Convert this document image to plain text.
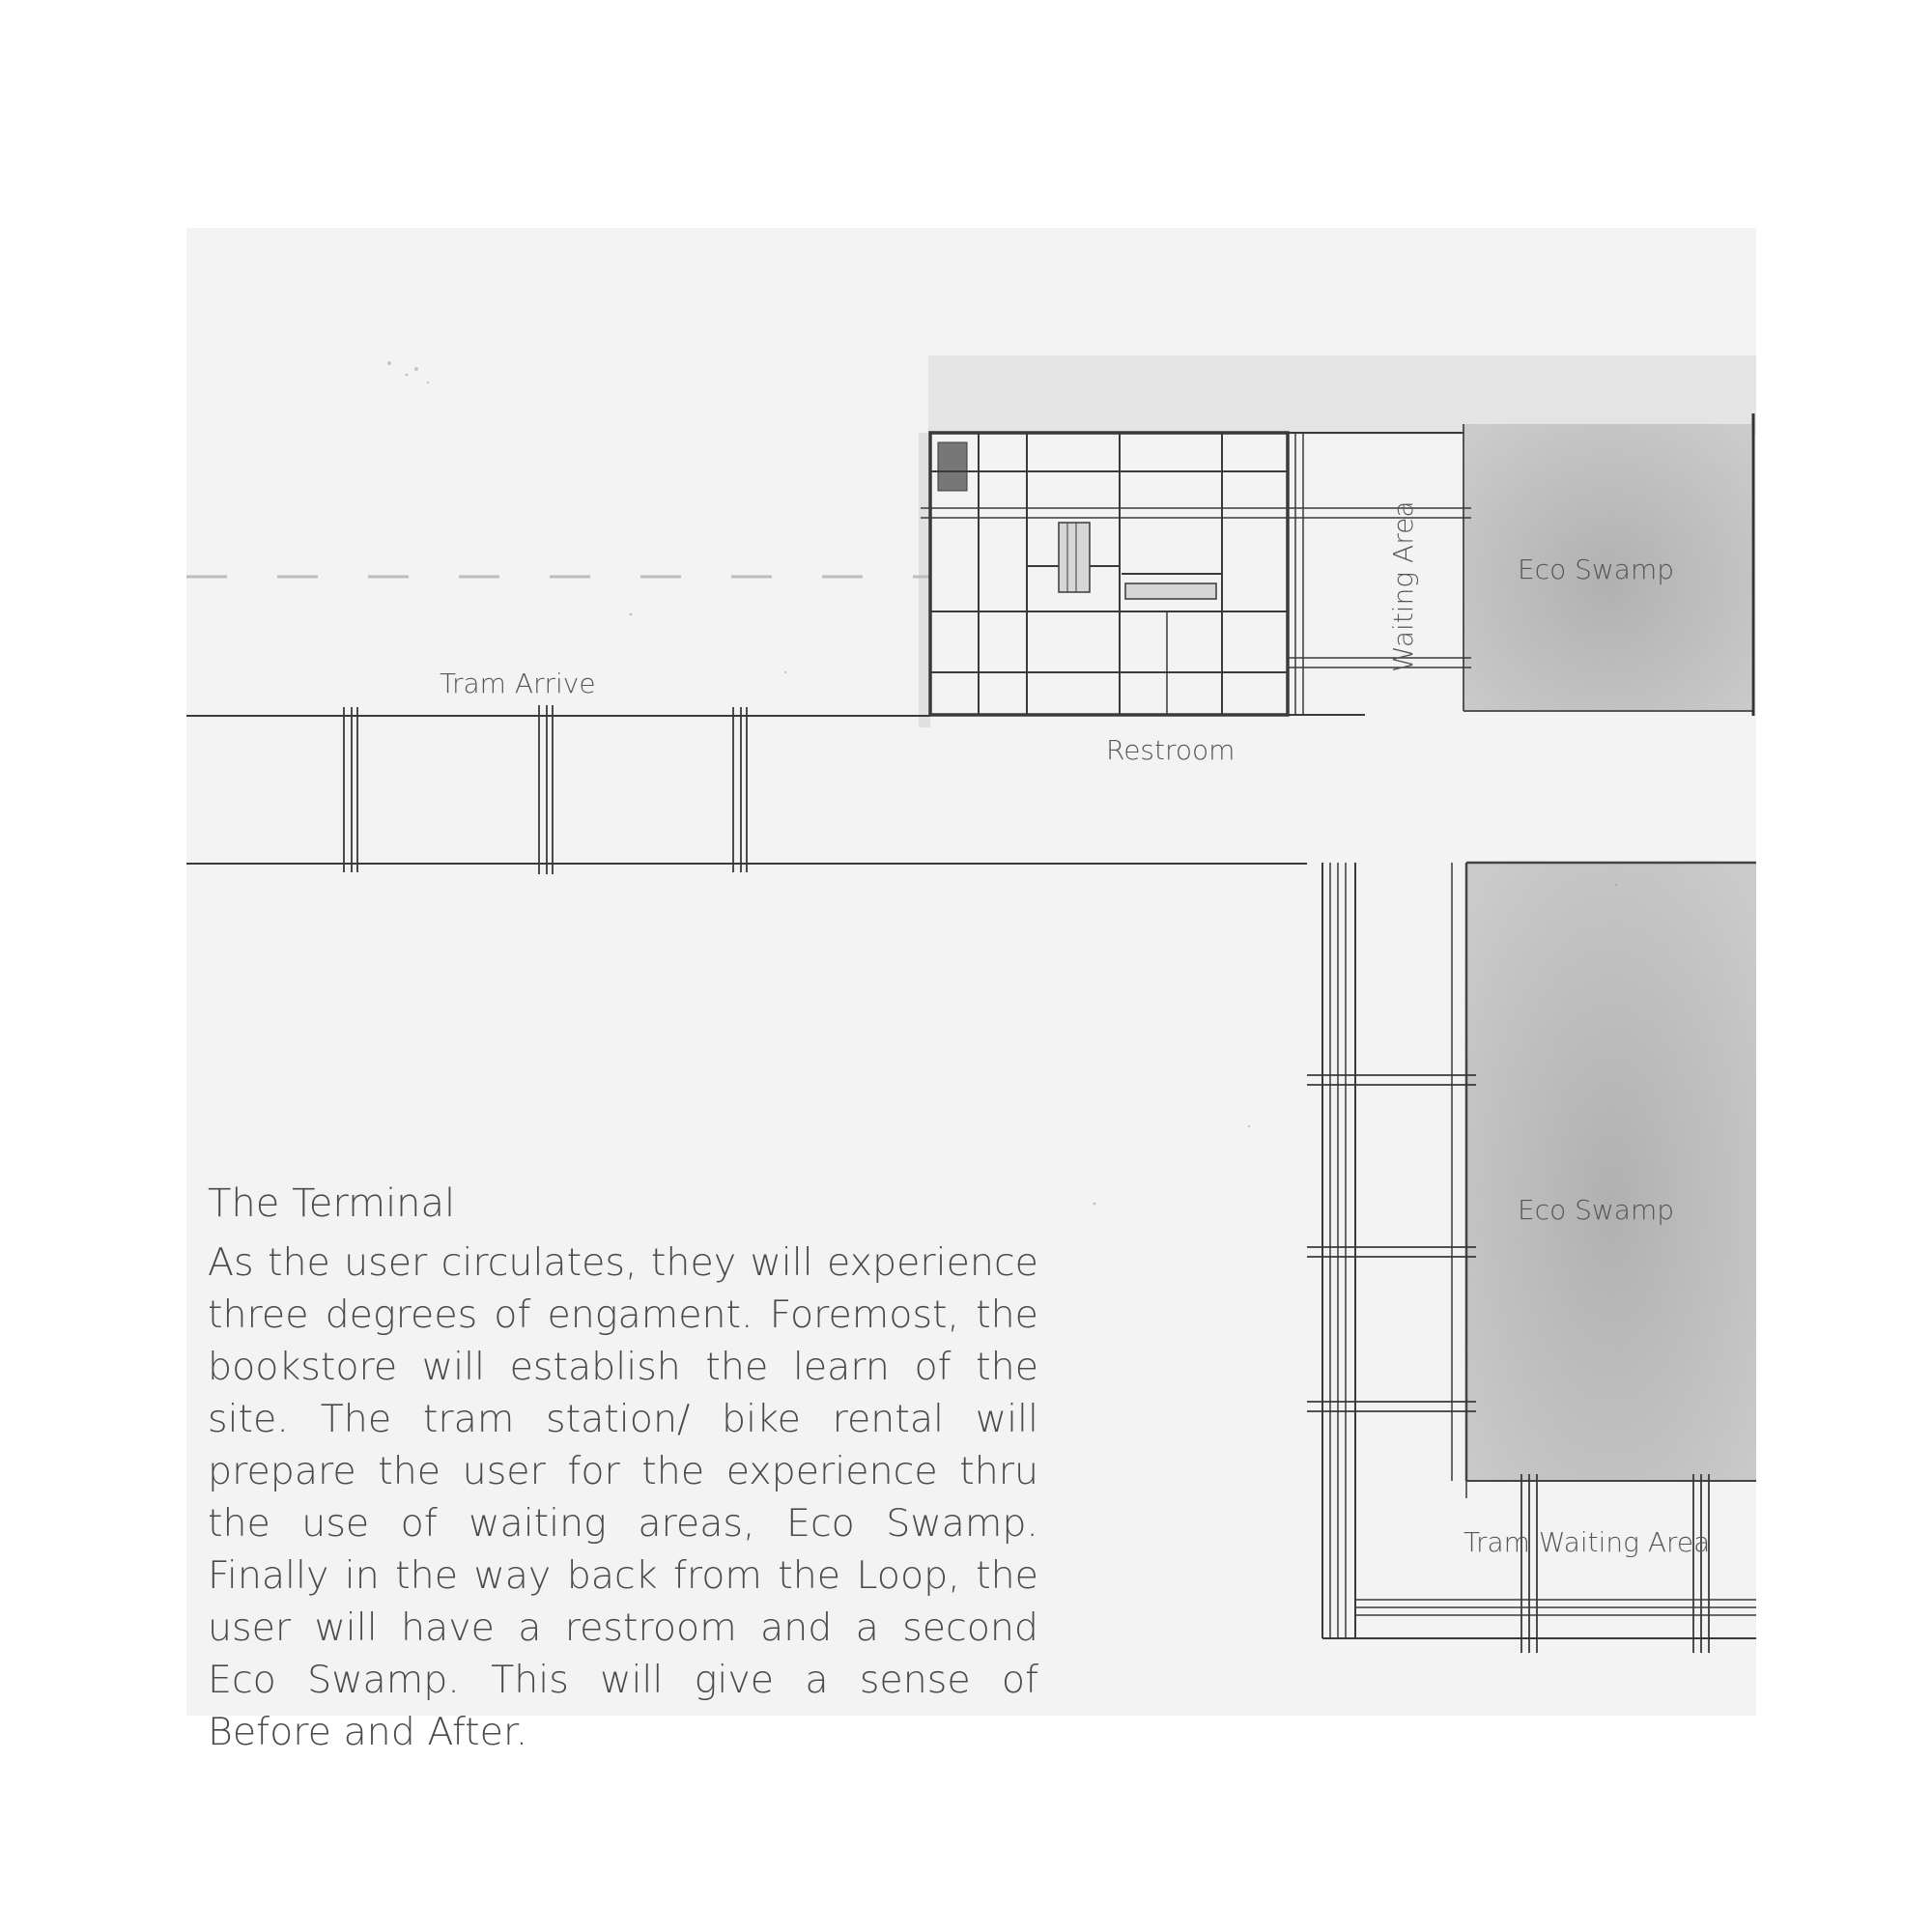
Eco Swamp
Waiting Area
Tram Arrive
Restroom
Eco Swamp
Tram Waiting Area
The Terminal
As the user circulates, they will experience three degrees of engament. Foremost, the bookstore will establish the learn of the site. The tram station/ bike rental will prepare the user for the experience thru the use of waiting areas, Eco Swamp. Finally in the way back from the Loop, the user will have a restroom and a second Eco Swamp. This will give a sense of Before and After.
